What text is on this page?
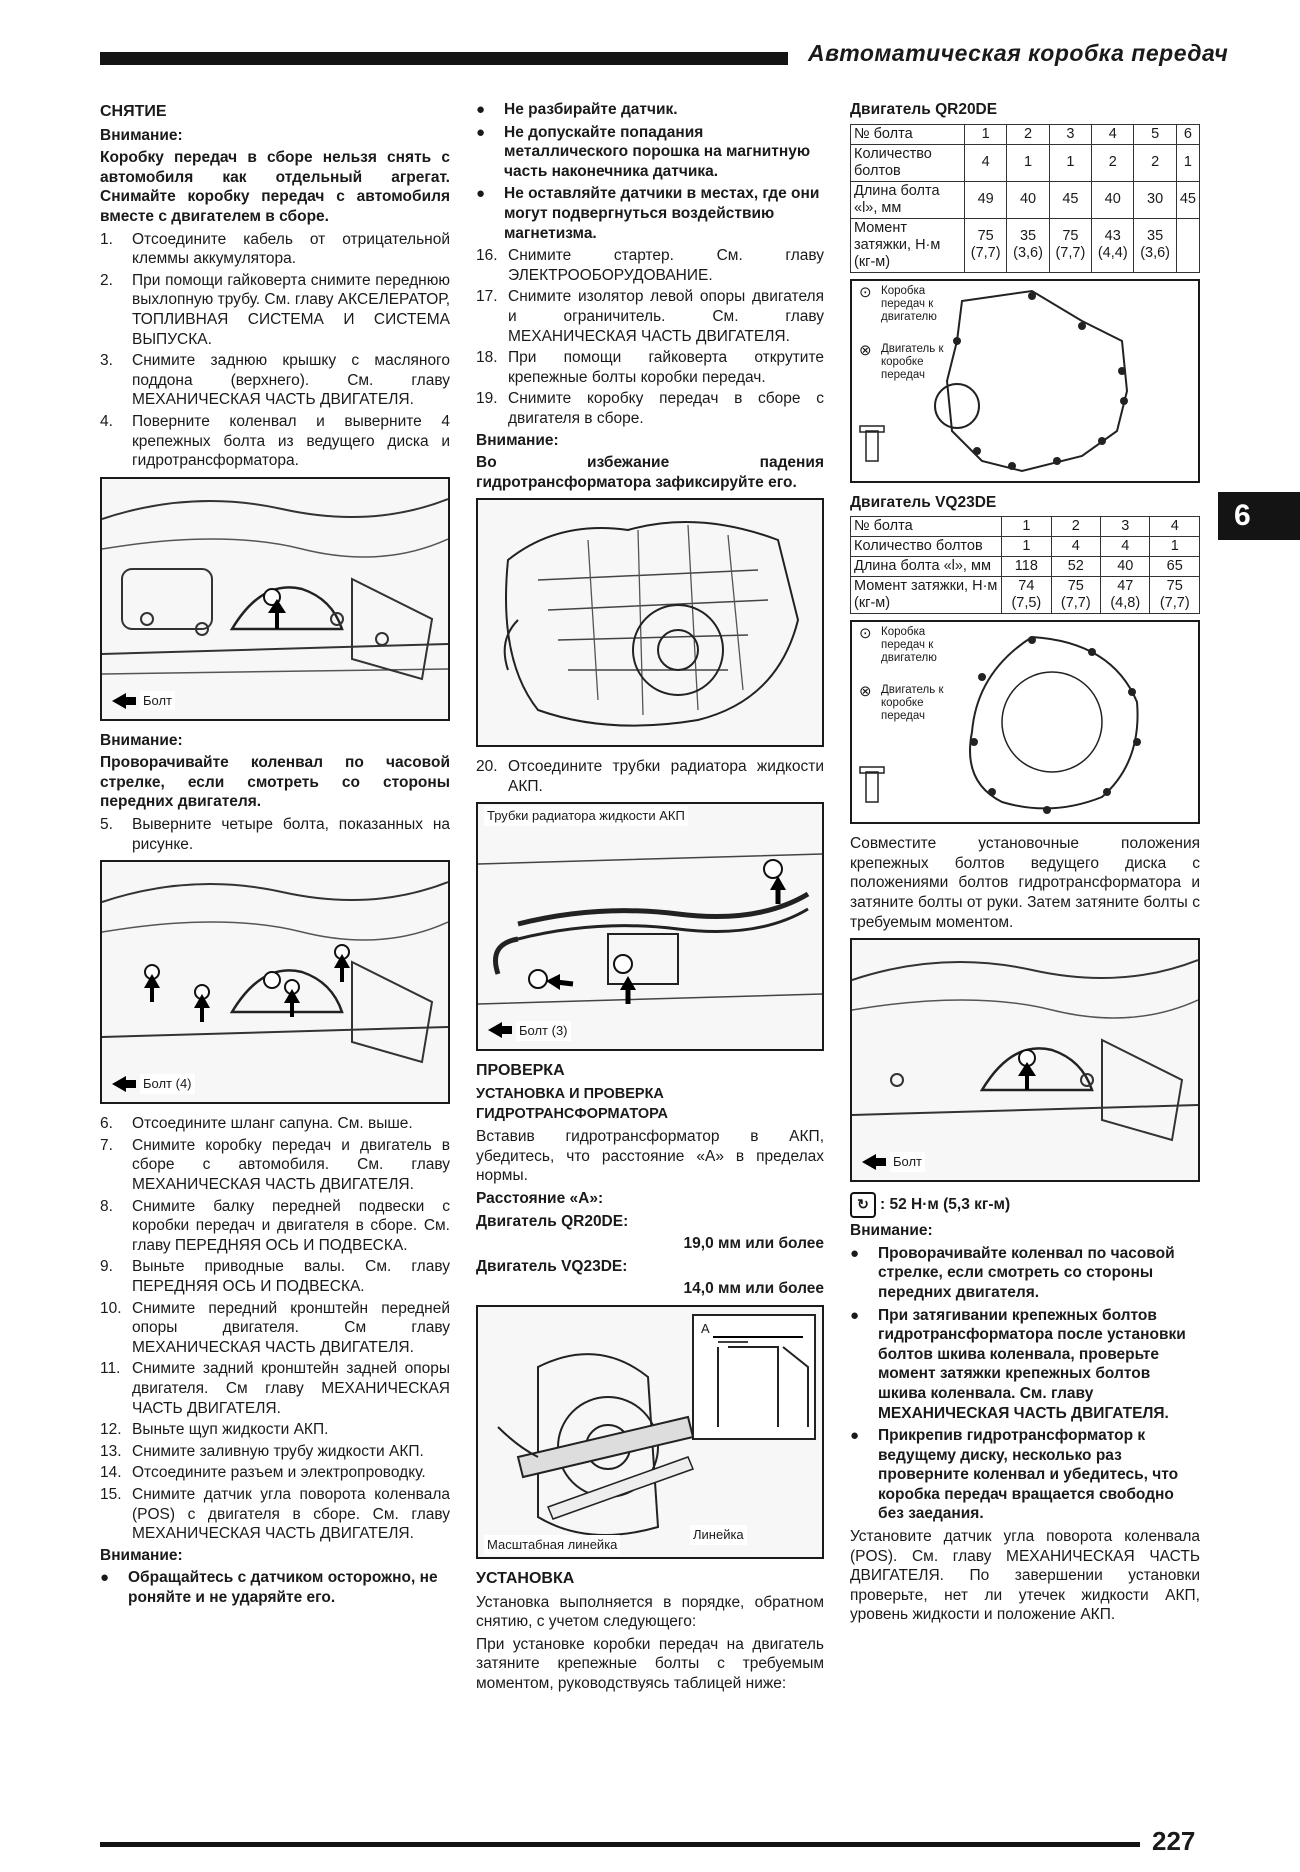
Автоматическая коробка передач
6
СНЯТИЕ
Внимание:
Коробку передач в сборе нельзя снять с автомобиля как отдельный агрегат. Снимайте коробку передач с автомобиля вместе с двигателем в сборе.
1.	Отсоедините кабель от отрицательной клеммы аккумулятора.
2.	При помощи гайковерта снимите переднюю выхлопную трубу. См. главу АКСЕЛЕРАТОР, ТОПЛИВНАЯ СИСТЕМА И СИСТЕМА ВЫПУСКА.
3.	Снимите заднюю крышку с масляного поддона (верхнего). См. главу МЕХАНИЧЕСКАЯ ЧАСТЬ ДВИГАТЕЛЯ.
4.	Поверните коленвал и выверните 4 крепежных болта из ведущего диска и гидротрансформатора.
Болт
Внимание:
Проворачивайте коленвал по часовой стрелке, если смотреть со стороны передних двигателя.
5.	Выверните четыре болта, показанных на рисунке.
Болт (4)
6.	Отсоедините шланг сапуна. См. выше.
7.	Снимите коробку передач и двигатель в сборе с автомобиля. См. главу МЕХАНИЧЕСКАЯ ЧАСТЬ ДВИГАТЕЛЯ.
8.	Снимите балку передней подвески с коробки передач и двигателя в сборе. См. главу ПЕРЕДНЯЯ ОСЬ И ПОДВЕСКА.
9.	Выньте приводные валы. См. главу ПЕРЕДНЯЯ ОСЬ И ПОДВЕСКА.
10. Снимите передний кронштейн передней опоры двигателя. См главу МЕХАНИЧЕСКАЯ ЧАСТЬ ДВИГАТЕЛЯ.
11. Снимите задний кронштейн задней опоры двигателя. См главу МЕХАНИЧЕСКАЯ ЧАСТЬ ДВИГАТЕЛЯ.
12. Выньте щуп жидкости АКП.
13. Снимите заливную трубу жидкости АКП.
14. Отсоедините разъем и электропроводку.
15. Снимите датчик угла поворота коленвала (POS) с двигателя в сборе. См. главу МЕХАНИЧЕСКАЯ ЧАСТЬ ДВИГАТЕЛЯ.
Внимание:
●	Обращайтесь с датчиком осторожно, не роняйте и не ударяйте его.
●	Не разбирайте датчик.
●	Не допускайте попадания металлического порошка на магнитную часть наконечника датчика.
●	Не оставляйте датчики в местах, где они могут подвергнуться воздействию магнетизма.
16. Снимите стартер. См. главу ЭЛЕКТРООБОРУДОВАНИЕ.
17. Снимите изолятор левой опоры двигателя и ограничитель. См. главу МЕХАНИЧЕСКАЯ ЧАСТЬ ДВИГАТЕЛЯ.
18. При помощи гайковерта открутите крепежные болты коробки передач.
19. Снимите коробку передач в сборе с двигателя в сборе.
Внимание:
Во избежание падения гидротрансформатора зафиксируйте его.
20. Отсоедините трубки радиатора жидкости АКП.
Трубки радиатора жидкости АКП
Болт (3)
ПРОВЕРКА
УСТАНОВКА И ПРОВЕРКА ГИДРОТРАНСФОРМАТОРА
Вставив гидротрансформатор в АКП, убедитесь, что расстояние «А» в пределах нормы.
Расстояние «А»:
Двигатель QR20DE:
19,0 мм или более
Двигатель VQ23DE:
14,0 мм или более
A
Масштабная линейка
Линейка
УСТАНОВКА
Установка выполняется в порядке, обратном снятию, с учетом следующего:
При установке коробки передач на двигатель затяните крепежные болты с требуемым моментом, руководствуясь таблицей ниже:
Двигатель QR20DE
№ болта	1	2	3	4	5	6
Количество болтов	4	1	1	2	2	1
Длина болта «l», мм	49	40	45	40	30	45
Момент затяжки, Н·м (кг-м)	75 (7,7)	35 (3,6)	75 (7,7)	43 (4,4)	35 (3,6)	
⊙ Коробка передач к двигателю
⊗ Двигатель к коробке передач
Двигатель VQ23DE
№ болта	1	2	3	4
Количество болтов	1	4	4	1
Длина болта «l», мм	118	52	40	65
Момент затяжки, Н·м (кг-м)	74 (7,5)	75 (7,7)	47 (4,8)	75 (7,7)
⊙ Коробка передач к двигателю
⊗ Двигатель к коробке передач
Совместите установочные положения крепежных болтов ведущего диска с положениями болтов гидротрансформатора и затяните болты от руки. Затем затяните болты с требуемым моментом.
Болт
↻ : 52 Н·м (5,3 кг-м)
Внимание:
●	Проворачивайте коленвал по часовой стрелке, если смотреть со стороны передних двигателя.
●	При затягивании крепежных болтов гидротрансформатора после установки болтов шкива коленвала, проверьте момент затяжки крепежных болтов шкива коленвала. См. главу МЕХАНИЧЕСКАЯ ЧАСТЬ ДВИГАТЕЛЯ.
●	Прикрепив гидротрансформатор к ведущему диску, несколько раз проверните коленвал и убедитесь, что коробка передач вращается свободно без заедания.
Установите датчик угла поворота коленвала (POS). См. главу МЕХАНИЧЕСКАЯ ЧАСТЬ ДВИГАТЕЛЯ. По завершении установки проверьте, нет ли утечек жидкости АКП, уровень жидкости и положение АКП.
227
